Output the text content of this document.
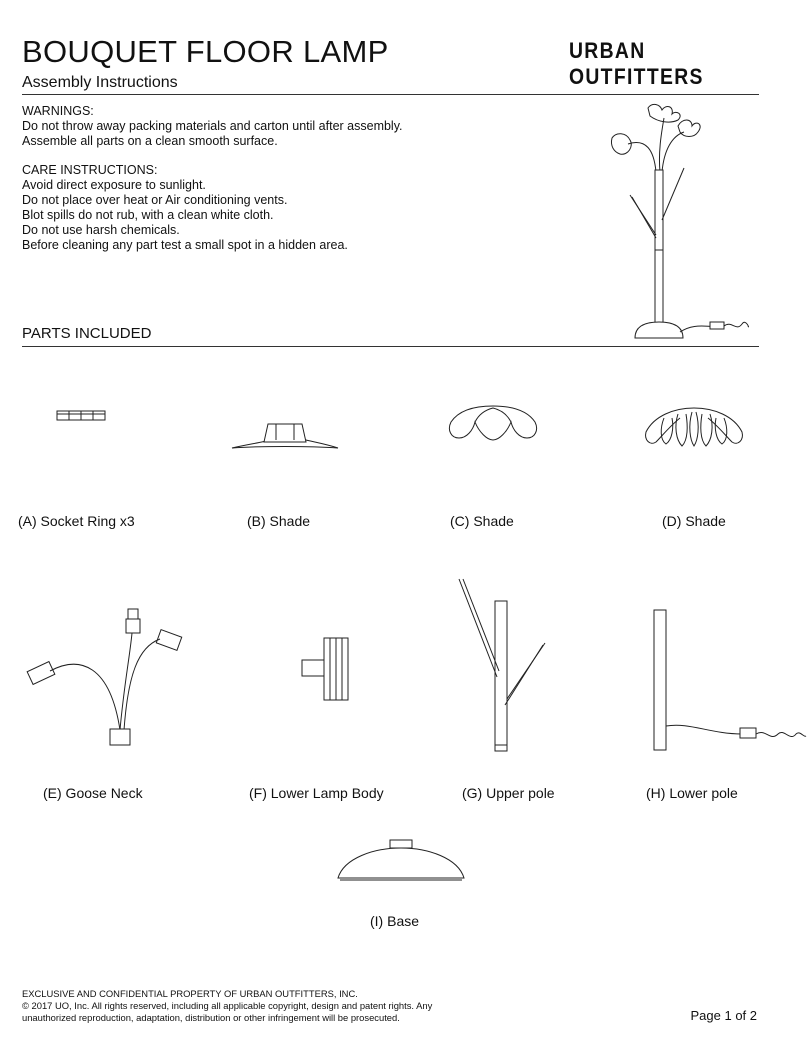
BOUQUET FLOOR LAMP	URBAN OUTFITTERS
Assembly Instructions
WARNINGS:
Do not throw away packing materials and carton until after assembly.
Assemble all parts on a clean smooth surface.
CARE INSTRUCTIONS:
Avoid direct exposure to sunlight.
Do not place over heat or Air conditioning vents.
Blot spills do not rub, with a clean white cloth.
Do not use harsh chemicals.
Before cleaning any part test a small spot in a hidden area.
PARTS INCLUDED
(A) Socket Ring x3	(B) Shade	(C) Shade	(D) Shade
(E) Goose Neck	(F) Lower Lamp Body	(G) Upper pole	(H) Lower pole
(I) Base
EXCLUSIVE AND CONFIDENTIAL PROPERTY OF URBAN OUTFITTERS, INC.
© 2017 UO, Inc. All rights reserved, including all applicable copyright, design and patent rights. Any
unauthorized reproduction, adaptation, distribution or other infringement will be prosecuted.	Page 1 of 2
